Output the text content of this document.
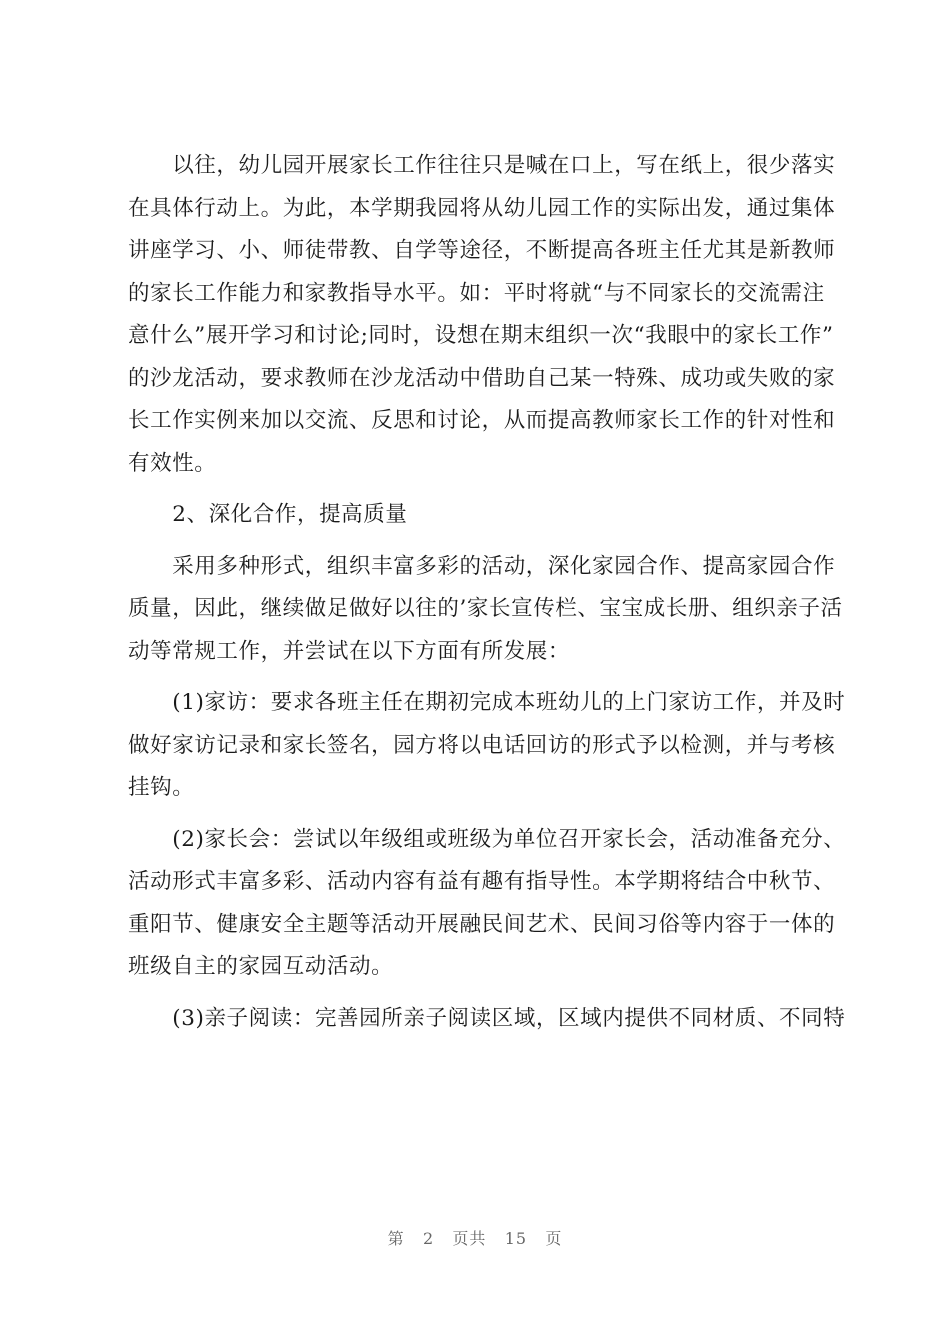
　　以往，幼儿园开展家长工作往往只是喊在口上，写在纸上，很少落实
在具体行动上。为此，本学期我园将从幼儿园工作的实际出发，通过集体
讲座学习、小、师徒带教、自学等途径，不断提高各班主任尤其是新教师
的家长工作能力和家教指导水平。如：平时将就“与不同家长的交流需注
意什么”展开学习和讨论;同时，设想在期末组织一次“我眼中的家长工作”
的沙龙活动，要求教师在沙龙活动中借助自己某一特殊、成功或失败的家
长工作实例来加以交流、反思和讨论，从而提高教师家长工作的针对性和
有效性。

　　2、深化合作，提高质量

　　采用多种形式，组织丰富多彩的活动，深化家园合作、提高家园合作
质量，因此，继续做足做好以往的’家长宣传栏、宝宝成长册、组织亲子活
动等常规工作，并尝试在以下方面有所发展：

　　(1)家访：要求各班主任在期初完成本班幼儿的上门家访工作，并及时
做好家访记录和家长签名，园方将以电话回访的形式予以检测，并与考核
挂钩。

　　(2)家长会：尝试以年级组或班级为单位召开家长会，活动准备充分、
活动形式丰富多彩、活动内容有益有趣有指导性。本学期将结合中秋节、
重阳节、健康安全主题等活动开展融民间艺术、民间习俗等内容于一体的
班级自主的家园互动活动。

　　(3)亲子阅读：完善园所亲子阅读区域，区域内提供不同材质、不同特

第 2 页共 15 页
